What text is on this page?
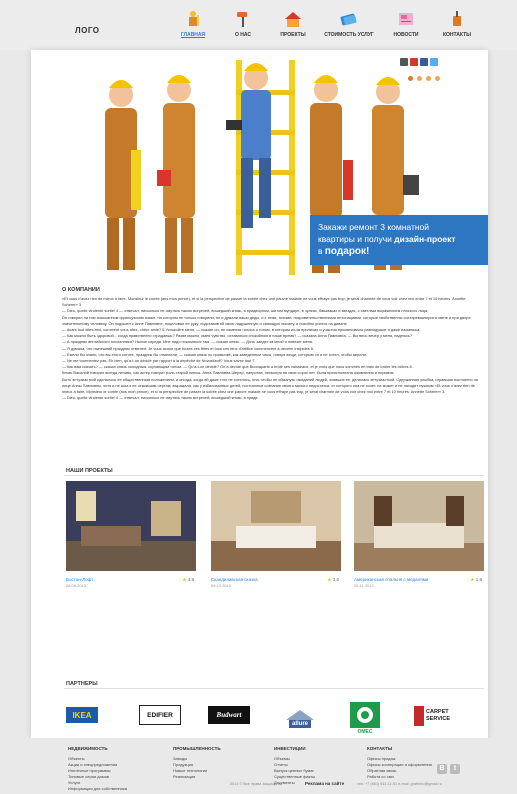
ЛОГО	ГЛАВНАЯ	О НАС	ПРОЕКТЫ	СТОИМОСТЬ УСЛУГ	НОВОСТИ	КОНТАКТЫ
Закажи ремонт 3 комнатной
квартиры и получи дизайн-проект
в подарок!
О КОМПАНИИ

«Et vous n'avez rien de mieux à faire, Monsieur le comte (ans mon prince), et si la perspective de passer la soirée chez une pauvre malade ne vous effraye pas trop, je serai charmée de vous voir chez moi entre 7 et 10 heures. Annette Scherer» 3.

— Dieu, quelle virulente sortie! 4 — отвечал, нисколько не смутясь такою встречей, вошедший князь, в придворном, шитом мундире, в чулках, башмаках и звездах, с светлым выражением плоского лица.

Он говорил на том изысканном французском языке, на котором не только говорили, но и думали наши деды, и с теми, тихими, покровительственными интонациями, которые свойственны состаревшемуся в свете и при дворе значительному человеку. Он подошел к Анне Павловне, поцеловал ее руку, подставив ей свою надушенную и сияющую лысину, и покойно уселся на диване.

— Avant tout dites-moi, comment vous allez, chère amie? 5 Успокойте меня, — сказал он, не изменяя голоса и тоном, в котором из-за приличия и участия просвечивало равнодушие и даже насмешка.

— Как можно быть здоровой... когда нравственно страдаешь? Разве можно, имея чувство, оставаться спокойною в наше время? — сказала Анна Павловна. — Вы весь вечер у меня, надеюсь?

— А праздник английского посланника? Нынче середа. Мне надо показаться там, — сказал князь. — Дочь заедет за мной и повезет меня.

— Я думала, что нынешний праздник отменен. Je vous avoue que toutes ces fêtes et tous ces feux d'artifice commencent à devenir insipides 6.

— Ежели бы знали, что вы этого хотите, праздник бы отменили, — сказал князь по привычке, как заведенные часы, говоря вещи, которым он и не хотел, чтобы верили.

— Ne me tourmentez pas. Eh bien, qu'a-t-on décidé par rapport à la dépêche de Novosiizoff? Vous savez tout 7.

— Как вам сказать? — сказал князь холодным, скучающим тоном. — Qu'a-t-on décidé? On a décidé que Buonaparte a brûlé ses vaisseaux, et je crois que nous sommes en train de brûler les nôtres 8.

Князь Василий говорил всегда лениво, как актер говорит роль старой пиесы. Анна Павловна Шерер, напротив, несмотря на свои сорок лет, была преисполнена оживления и порывов.

Быть энтузиасткой сделалось ее общественным положением, и иногда, когда ей даже того не хотелось, она, чтобы не обмануть ожиданий людей, знавших ее, делалась энтузиасткой. Сдержанная улыбка, игравшая постоянно на лице Анны Павловны, хотя и не шла к ее отжившим чертам, выражала, как у избалованных детей, постоянное сознание своего милого недостатка, от которого она не хочет, не может и не находит нужным «Et vous n'avez rien de mieux à faire, Monsieur le comte (ans mon prince), et si la perspective de passer la soirée chez une pauvre malade ne vous effraye pas trop, je serai charmée de vous voir chez moi entre 7 et 10 heures. Annette Scherer» 3.

— Dieu, quelle virulente sortie! 4 — отвечал, нисколько не смутясь такою встречей, вошедший князь, в придв.

НАШИ ПРОЕКТЫ
Бостон-Лофт
28.08.2013
★ 4.9	Скандинавская сказка
06.10.2013
★ 3.6	Американская спальня с медалями
25.11.2013
★ 1.9
ПАРТНЕРЫ
IKEA	EDIFIER	Budwart
allure
OMEC
CARPET SERVICE
НЕДВИЖИМОСТЬ
Объекты
Акции и спецпредложения
Ипотечные программы
Типовые серии домов
Услуги
Информация для собственника
ПРОМЫШЛЕННОСТЬ
Заводы
Продукция
Новые технологии
Реализация
ИНВЕСТИЦИИ
Объемы
Отчеты
Выпуск ценных бумаг
Существенные факты
Документы
КОНТАКТЫ
Офисы продаж
Офисы кооперации и оформления
Обратная связь
Работа со сми
2013 © Все права защищены	Реклама на сайте	тел. +7 (861) 611-11-51 e-mail: grafmeo@gmail.ru
B	t
